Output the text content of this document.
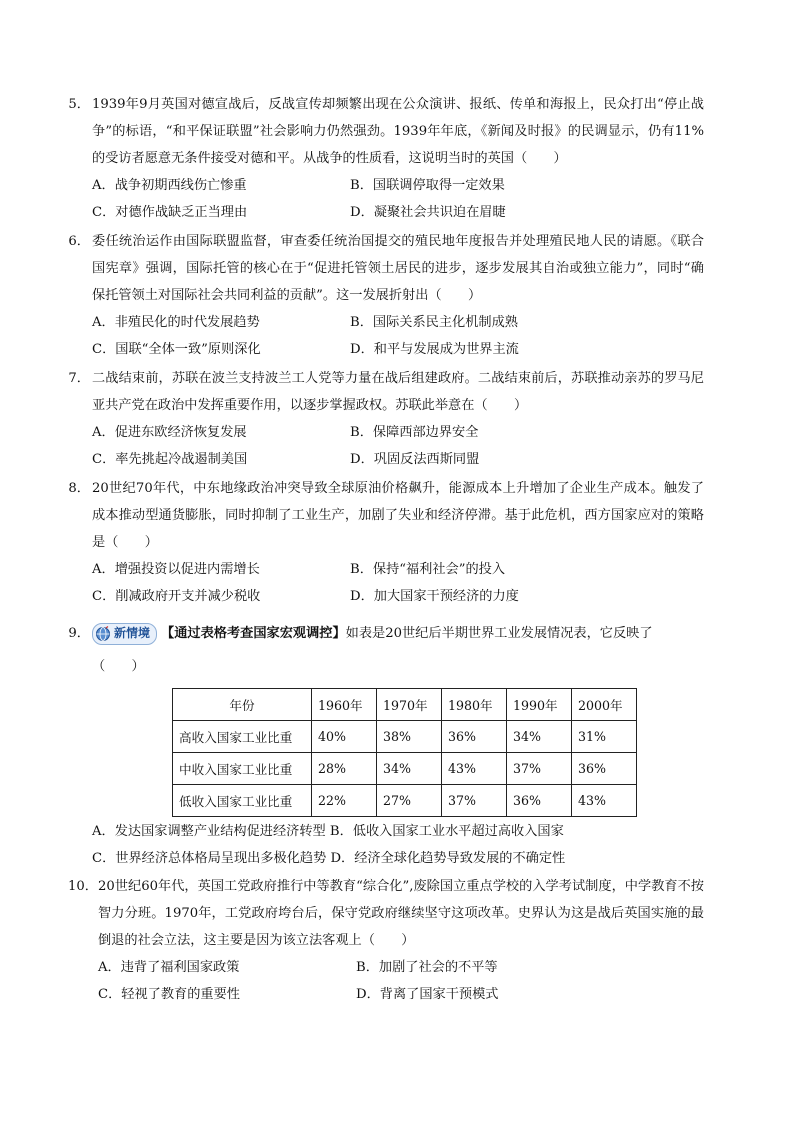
5． 1939年9月英国对德宣战后，反战宣传却频繁出现在公众演讲、报纸、传单和海报上，民众打出“停止战争”的标语，“和平保证联盟”社会影响力仍然强劲。1939年年底，《新闻及时报》的民调显示，仍有11%的受访者愿意无条件接受对德和平。从战争的性质看，这说明当时的英国（　　）
A．战争初期西线伤亡惨重	B．国联调停取得一定效果
C．对德作战缺乏正当理由	D．凝聚社会共识迫在眉睫
6． 委任统治运作由国际联盟监督，审查委任统治国提交的殖民地年度报告并处理殖民地人民的请愿。《联合国宪章》强调，国际托管的核心在于“促进托管领土居民的进步，逐步发展其自治或独立能力”，同时“确保托管领土对国际社会共同利益的贡献”。这一发展折射出（　　）
A．非殖民化的时代发展趋势	B．国际关系民主化机制成熟
C．国联“全体一致”原则深化	D．和平与发展成为世界主流
7． 二战结束前，苏联在波兰支持波兰工人党等力量在战后组建政府。二战结束前后，苏联推动亲苏的罗马尼亚共产党在政治中发挥重要作用，以逐步掌握政权。苏联此举意在（　　）
A．促进东欧经济恢复发展	B．保障西部边界安全
C．率先挑起冷战遏制美国	D．巩固反法西斯同盟
8． 20世纪70年代，中东地缘政治冲突导致全球原油价格飙升，能源成本上升增加了企业生产成本。触发了成本推动型通货膨胀，同时抑制了工业生产，加剧了失业和经济停滞。基于此危机，西方国家应对的策略是（　　）
A．增强投资以促进内需增长	B．保持“福利社会”的投入
C．削减政府开支并减少税收	D．加大国家干预经济的力度
9． 新情境 【通过表格考查国家宏观调控】 如表是20世纪后半期世界工业发展情况表，它反映了
（　　）
年份	1960年	1970年	1980年	1990年	2000年
高收入国家工业比重	40%	38%	36%	34%	31%
中收入国家工业比重	28%	34%	43%	37%	36%
低收入国家工业比重	22%	27%	37%	36%	43%
A．发达国家调整产业结构促进经济转型 B．低收入国家工业水平超过高收入国家
C．世界经济总体格局呈现出多极化趋势 D．经济全球化趋势导致发展的不确定性
10． 20世纪60年代，英国工党政府推行中等教育“综合化”,废除国立重点学校的入学考试制度，中学教育不按智力分班。1970年，工党政府垮台后，保守党政府继续坚守这项改革。史界认为这是战后英国实施的最倒退的社会立法，这主要是因为该立法客观上（　　）
A．违背了福利国家政策	B．加剧了社会的不平等
C．轻视了教育的重要性	D．背离了国家干预模式
